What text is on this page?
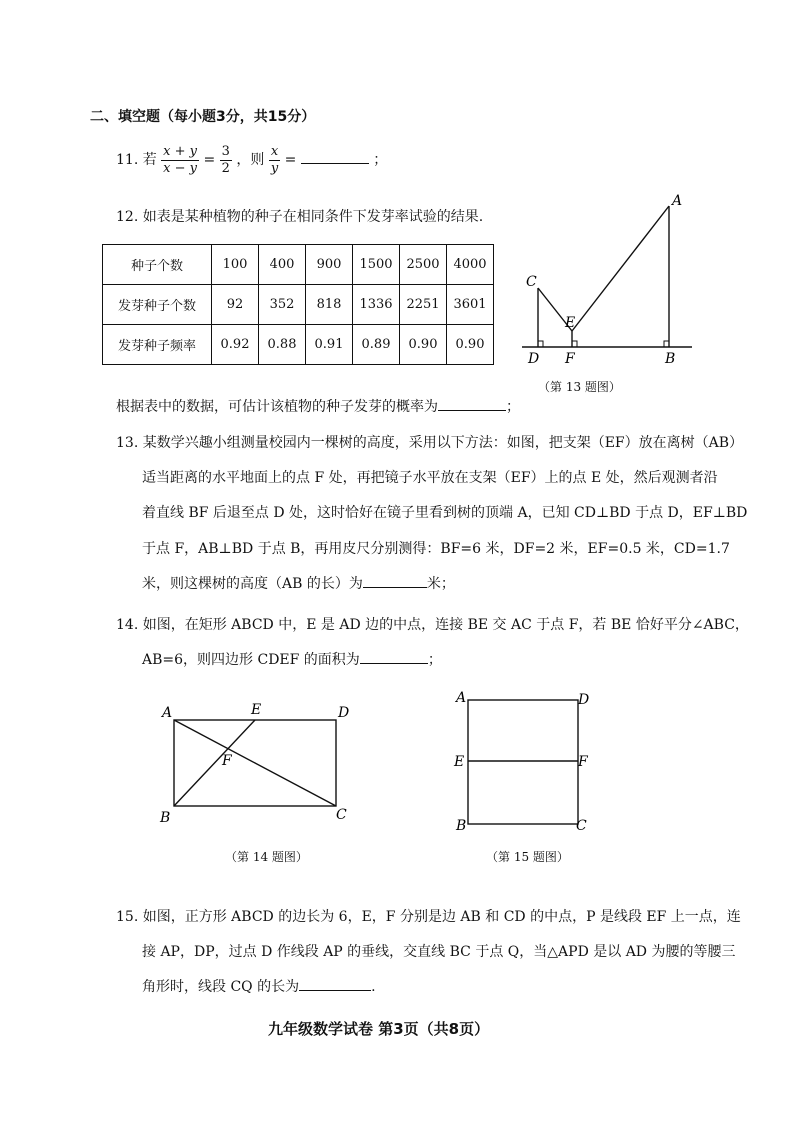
二、填空题（每小题3分，共15分）
11. 若 $\frac{x + y}{x - y} = \frac{3}{2}$ ，则 $\frac{x}{y}$ =	；
12. 如表是某种植物的种子在相同条件下发芽率试验的结果.
种子个数	100	400	900	1500	2500	4000
发芽种子个数	92	352	818	1336	2251	3601
发芽种子频率	0.92	0.88	0.91	0.89	0.90	0.90
根据表中的数据，可估计该植物的种子发芽的概率为	；
A
C
E
D F	B
（第 13 题图）
13. 某数学兴趣小组测量校园内一棵树的高度，采用以下方法：如图，把支架（EF）放在离树（AB）
适当距离的水平地面上的点 F 处，再把镜子水平放在支架（EF）上的点 E 处，然后观测者沿
着直线 BF 后退至点 D 处，这时恰好在镜子里看到树的顶端 A，已知 CD⊥BD 于点 D，EF⊥BD
于点 F，AB⊥BD 于点 B，再用皮尺分别测得：BF=6 米，DF=2 米，EF=0.5 米，CD=1.7
米，则这棵树的高度（AB 的长）为	米；
14. 如图，在矩形 ABCD 中，E 是 AD 边的中点，连接 BE 交 AC 于点 F，若 BE 恰好平分∠ABC，
AB=6，则四边形 CDEF 的面积为	；
A	E	D
F
B	C
（第 14 题图）
A	D
E	F
B	C
（第 15 题图）
15. 如图，正方形 ABCD 的边长为 6，E，F 分别是边 AB 和 CD 的中点，P 是线段 EF 上一点，连
接 AP，DP，过点 D 作线段 AP 的垂线，交直线 BC 于点 Q，当△APD 是以 AD 为腰的等腰三
角形时，线段 CQ 的长为	.
九年级数学试卷 第3页（共8页）
